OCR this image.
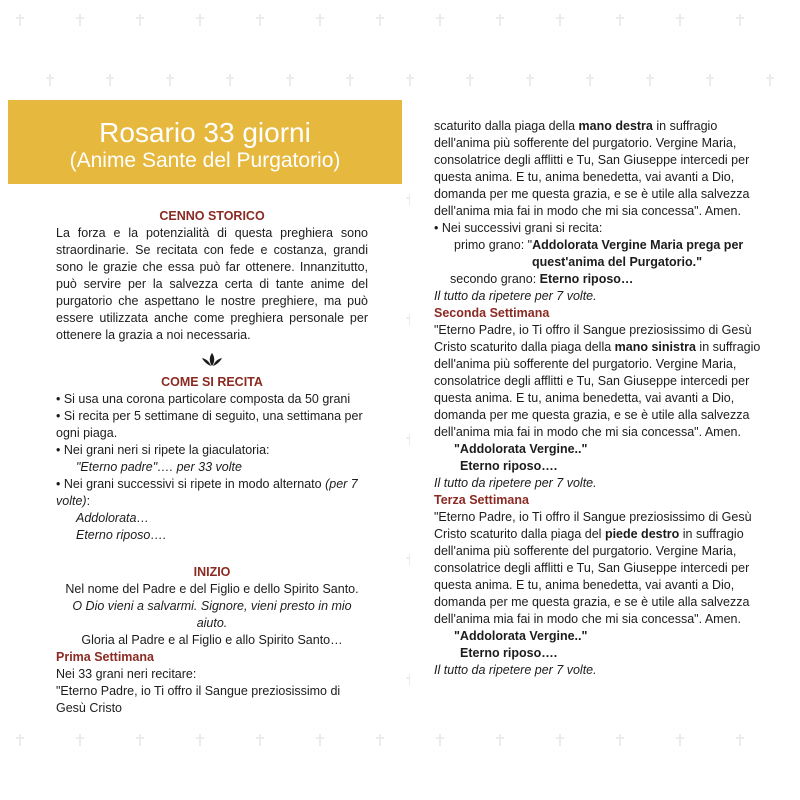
Rosario 33 giorni
(Anime Sante del Purgatorio)

CENNO STORICO

La forza e la potenzialità di questa preghiera sono straordinarie. Se recitata con fede e costanza, grandi sono le grazie che essa può far ottenere. Innanzitutto, può servire per la salvezza certa di tante anime del purgatorio che aspettano le nostre preghiere, ma può essere utilizzata anche come preghiera personale per ottenere la grazia a noi necessaria.

COME SI RECITA

• Si usa una corona particolare composta da 50 grani

• Si recita per 5 settimane di seguito, una settimana per ogni piaga.

• Nei grani neri si ripete la giaculatoria:

"Eterno padre"…. per 33 volte

• Nei grani successivi si ripete in modo alternato (per 7 volte):

Addolorata…

Eterno riposo….

INIZIO

Nel nome del Padre e del Figlio e dello Spirito Santo.

O Dio vieni a salvarmi. Signore, vieni presto in mio aiuto.

Gloria al Padre e al Figlio e allo Spirito Santo…

Prima Settimana

Nei 33 grani neri recitare:

"Eterno Padre, io Ti offro il Sangue preziosissimo di Gesù Cristo

scaturito dalla piaga della mano destra in suffragio dell'anima più sofferente del purgatorio. Vergine Maria, consolatrice degli afflitti e Tu, San Giuseppe intercedi per questa anima. E tu, anima benedetta, vai avanti a Dio, domanda per me questa grazia, e se è utile alla salvezza dell'anima mia fai in modo che mi sia concessa". Amen.

• Nei successivi grani si recita:

primo grano: "Addolorata Vergine Maria prega per

quest'anima del Purgatorio."

secondo grano: Eterno riposo…

Il tutto da ripetere per 7 volte.

Seconda Settimana

"Eterno Padre, io Ti offro il Sangue preziosissimo di Gesù Cristo scaturito dalla piaga della mano sinistra in suffragio dell'anima più sofferente del purgatorio. Vergine Maria, consolatrice degli afflitti e Tu, San Giuseppe intercedi per questa anima. E tu, anima benedetta, vai avanti a Dio, domanda per me questa grazia, e se è utile alla salvezza dell'anima mia fai in modo che mi sia concessa". Amen.

"Addolorata Vergine.."

Eterno riposo….

Il tutto da ripetere per 7 volte.

Terza Settimana

"Eterno Padre, io Ti offro il Sangue preziosissimo di Gesù Cristo scaturito dalla piaga del piede destro in suffragio dell'anima più sofferente del purgatorio. Vergine Maria, consolatrice degli afflitti e Tu, San Giuseppe intercedi per questa anima. E tu, anima benedetta, vai avanti a Dio, domanda per me questa grazia, e se è utile alla salvezza dell'anima mia fai in modo che mi sia concessa". Amen.

"Addolorata Vergine.."

Eterno riposo….

Il tutto da ripetere per 7 volte.
